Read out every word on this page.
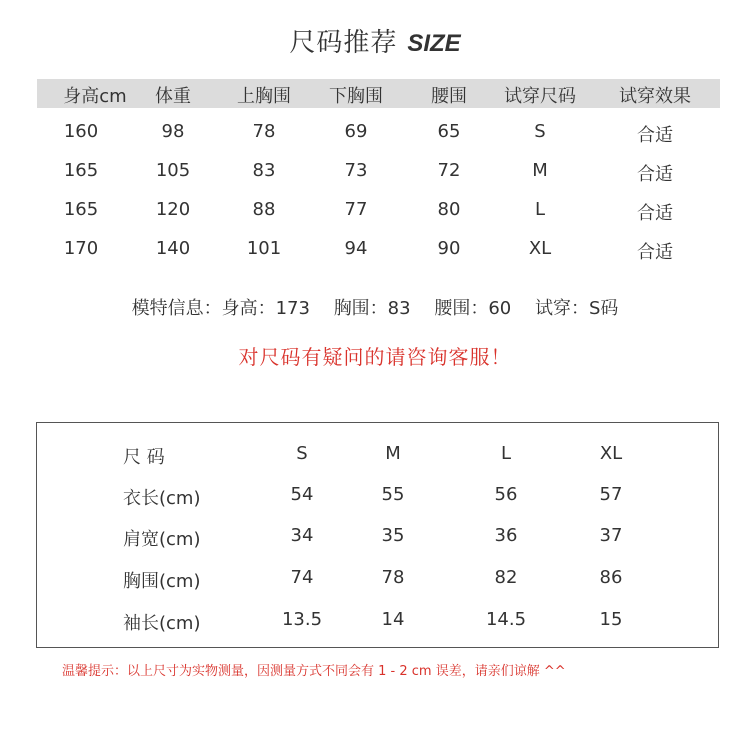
尺码推荐 SIZE
身高cm 体重	上胸围 下胸围	腰围 试穿尺码 试穿效果
160	98	78	69	65	S	合适
165	105	83	73	72	M	合适
165	120	88	77	80	L	合适
170	140	101	94	90	XL	合适
模特信息：身高：173 胸围：83 腰围：60 试穿：S码
对尺码有疑问的请咨询客服！
尺 码	S	M	L	XL
衣长(cm)	54	55	56	57
肩宽(cm)	34	35	36	37
胸围(cm)	74	78	82	86
袖长(cm)	13.5	14	14.5	15
温馨提示：以上尺寸为实物测量，因测量方式不同会有 1 - 2 cm 误差，请亲们谅解 ^^
